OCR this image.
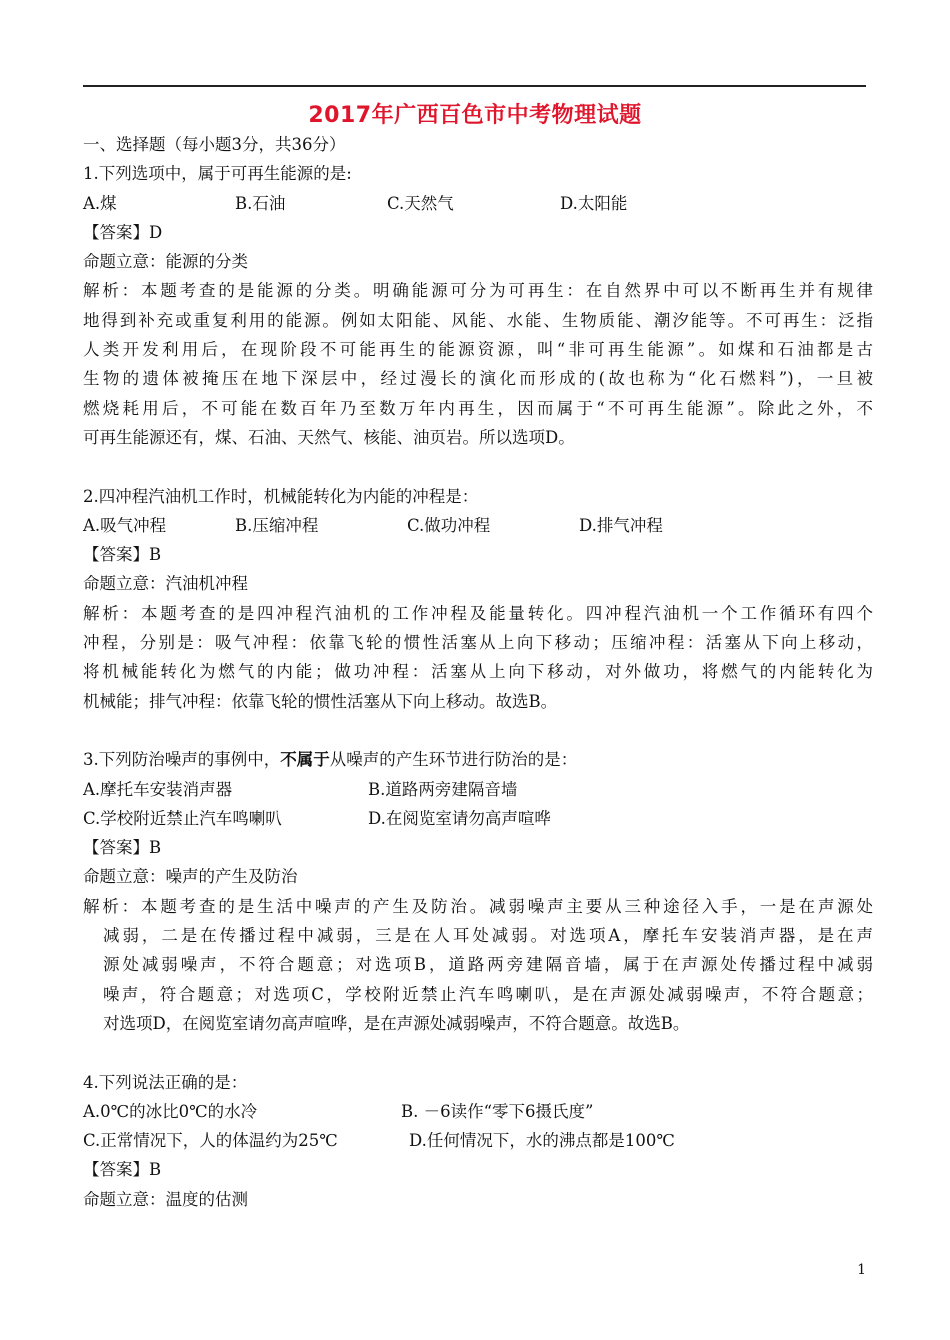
2017年广西百色市中考物理试题
一、选择题（每小题3分，共36分）
1.下列选项中，属于可再生能源的是:
A.煤	B.石油	C.天然气	D.太阳能
【答案】D
命题立意：能源的分类
解析：本题考查的是能源的分类。明确能源可分为可再生：在自然界中可以不断再生并有规律
地得到补充或重复利用的能源。例如太阳能、风能、水能、生物质能、潮汐能等。不可再生：泛指
人类开发利用后，在现阶段不可能再生的能源资源，叫“非可再生能源”。如煤和石油都是古
生物的遗体被掩压在地下深层中，经过漫长的演化而形成的(故也称为“化石燃料”)，一旦被
燃烧耗用后，不可能在数百年乃至数万年内再生，因而属于“不可再生能源”。除此之外，不
可再生能源还有，煤、石油、天然气、核能、油页岩。所以选项D。
2.四冲程汽油机工作时，机械能转化为内能的冲程是：
A.吸气冲程	B.压缩冲程	C.做功冲程	D.排气冲程
【答案】B
命题立意：汽油机冲程
解析：本题考查的是四冲程汽油机的工作冲程及能量转化。四冲程汽油机一个工作循环有四个
冲程，分别是：吸气冲程：依靠飞轮的惯性活塞从上向下移动；压缩冲程：活塞从下向上移动，
将机械能转化为燃气的内能；做功冲程：活塞从上向下移动，对外做功，将燃气的内能转化为
机械能；排气冲程：依靠飞轮的惯性活塞从下向上移动。故选B。
3.下列防治噪声的事例中，不属于从噪声的产生环节进行防治的是：
A.摩托车安装消声器	B.道路两旁建隔音墙
C.学校附近禁止汽车鸣喇叭	D.在阅览室请勿高声喧哗
【答案】B
命题立意：噪声的产生及防治
解析：本题考查的是生活中噪声的产生及防治。减弱噪声主要从三种途径入手，一是在声源处
减弱，二是在传播过程中减弱，三是在人耳处减弱。对选项A，摩托车安装消声器，是在声
源处减弱噪声，不符合题意；对选项B，道路两旁建隔音墙，属于在声源处传播过程中减弱
噪声，符合题意；对选项C，学校附近禁止汽车鸣喇叭，是在声源处减弱噪声，不符合题意；
对选项D，在阅览室请勿高声喧哗，是在声源处减弱噪声，不符合题意。故选B。
4.下列说法正确的是：
A.0℃的冰比0℃的水冷	B. －6读作“零下6摄氏度”
C.正常情况下，人的体温约为25℃	D.任何情况下，水的沸点都是100℃
【答案】B
命题立意：温度的估测
1
